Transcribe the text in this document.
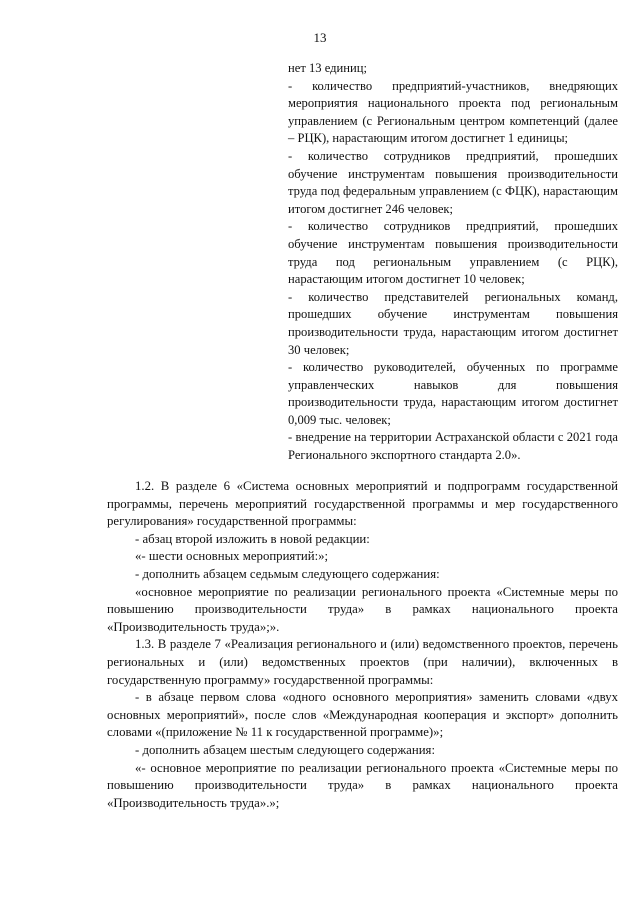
13

нет 13 единиц;

- количество предприятий-участников, внедряющих мероприятия национального проекта под региональным управлением (с Региональным центром компетенций (далее – РЦК), нарастающим итогом достигнет 1 единицы;

- количество сотрудников предприятий, прошедших обучение инструментам повышения производительности труда под федеральным управлением (с ФЦК), нарастающим итогом достигнет 246 человек;

- количество сотрудников предприятий, прошедших обучение инструментам повышения производительности труда под региональным управлением (с РЦК), нарастающим итогом достигнет 10 человек;

- количество представителей региональных команд, прошедших обучение инструментам повышения производительности труда, нарастающим итогом достигнет 30 человек;

- количество руководителей, обученных по программе управленческих навыков для повышения производительности труда, нарастающим итогом достигнет 0,009 тыс. человек;

- внедрение на территории Астраханской области с 2021 года Регионального экспортного стандарта 2.0».

1.2. В разделе 6 «Система основных мероприятий и подпрограмм государственной программы, перечень мероприятий государственной программы и мер государственного регулирования» государственной программы:

- абзац второй изложить в новой редакции:

«- шести основных мероприятий:»;

- дополнить абзацем седьмым следующего содержания:

«основное мероприятие по реализации регионального проекта «Системные меры по повышению производительности труда» в рамках национального проекта «Производительность труда»;».

1.3. В разделе 7 «Реализация регионального и (или) ведомственного проектов, перечень региональных и (или) ведомственных проектов (при наличии), включенных в государственную программу» государственной программы:

- в абзаце первом слова «одного основного мероприятия» заменить словами «двух основных мероприятий», после слов «Международная кооперация и экспорт» дополнить словами «(приложение № 11 к государственной программе)»;

- дополнить абзацем шестым следующего содержания:

«- основное мероприятие по реализации регионального проекта «Системные меры по повышению производительности труда» в рамках национального проекта «Производительность труда».»;
